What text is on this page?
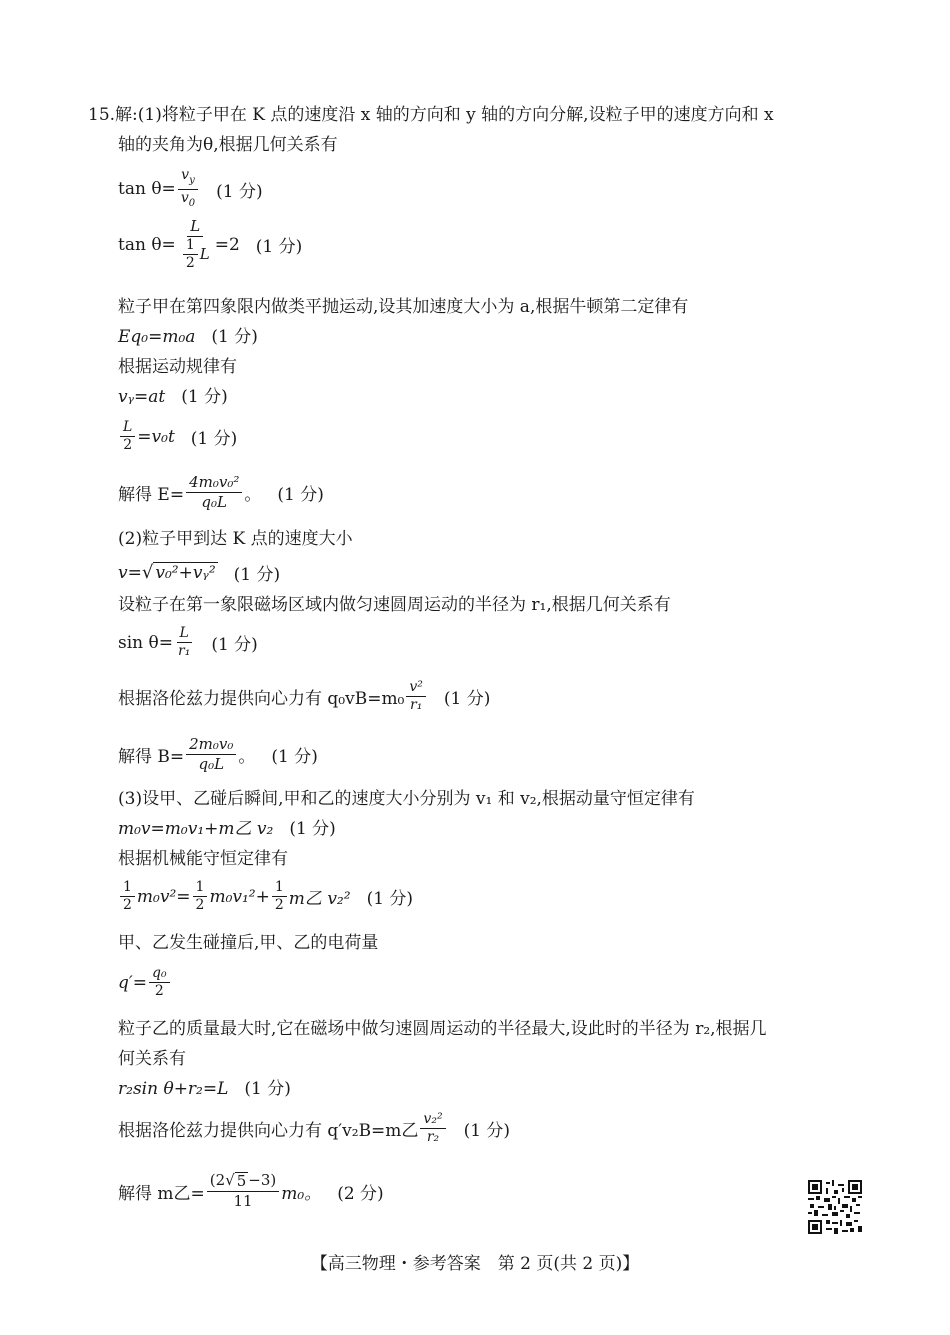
15.解:(1)将粒子甲在 K 点的速度沿 x 轴的方向和 y 轴的方向分解,设粒子甲的速度方向和 x
轴的夹角为θ,根据几何关系有
$\tan \theta= \frac{v_y}{v_0} (1$ 分)
$\tan \theta= \frac{L}{\frac{1}{2} L} =2$ (1 分)
粒子甲在第四象限内做类平抛运动,设其加速度大小为 a,根据牛顿第二定律有
Eq₀=m₀a (1 分)
根据运动规律有
vᵧ=at (1 分)
$\frac{L}{2} =v_0t$ (1 分)
解得 $E= \frac{\text{4m₀v₀²}}{\text{q₀L}}$ 。 (1 分)
(2)粒子甲到达 K 点的速度大小
v= √ v₀²+vᵧ² (1 分)
设粒子在第一象限磁场区域内做匀速圆周运动的半径为 r₁,根据几何关系有
$\sin \theta= \frac{L}{\text{r₁}} (1$ 分)
根据洛伦兹力提供向心力有 $q_0vB=m_0 \frac{\text{v²}}{\text{r₁}} (1$ 分)
解得 $B= \frac{\text{2m₀v₀}}{\text{q₀L}}$ 。 (1 分)
(3)设甲、乙碰后瞬间,甲和乙的速度大小分别为 v₁ 和 v₂,根据动量守恒定律有
m₀v=m₀v₁+m乙 v₂ (1 分)
根据机械能守恒定律有
$\frac{1}{2} m_0v^2= \frac{1}{2} m_0v_1^2+ \frac{1}{2}$ m乙 v₂² (1 分)
甲、乙发生碰撞后,甲、乙的电荷量
$q'= \frac{\text{q₀}}{2}$
粒子乙的质量最大时,它在磁场中做匀速圆周运动的半径最大,设此时的半径为 r₂,根据几
何关系有
r₂sin θ+r₂=L (1 分)
根据洛伦兹力提供向心力有 q′v₂B=m乙 $\frac{\text{v₂²}}{\text{r₂}} (1$ 分)
解得 m乙= $\frac{(2 √ 5 -3)}{11} m_0$。 (2 分)
【高三物理・参考答案　第 2 页(共 2 页)】
